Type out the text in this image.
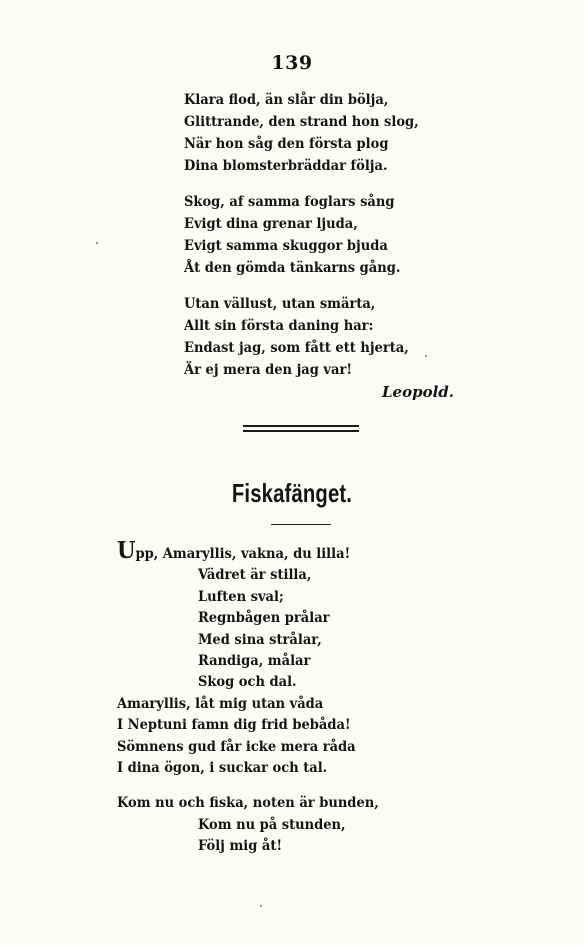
139
Klara flod, än slår din bölja,
Glittrande, den strand hon slog,
När hon såg den första plog
Dina blomsterbräddar följa.
Skog, af samma foglars sång
Evigt dina grenar ljuda,
Evigt samma skuggor bjuda
Åt den gömda tänkarns gång.
Utan vällust, utan smärta,
Allt sin första daning har:
Endast jag, som fått ett hjerta,
Är ej mera den jag var!
Leopold.
Fiskafänget.
Upp, Amaryllis, vakna, du lilla!
Vädret är stilla,
Luften sval;
Regnbågen prålar
Med sina strålar,
Randiga, målar
Skog och dal.
Amaryllis, låt mig utan våda
I Neptuni famn dig frid bebåda!
Sömnens gud får icke mera råda
I dina ögon, i suckar och tal.
Kom nu och fiska, noten är bunden,
Kom nu på stunden,
Följ mig åt!
